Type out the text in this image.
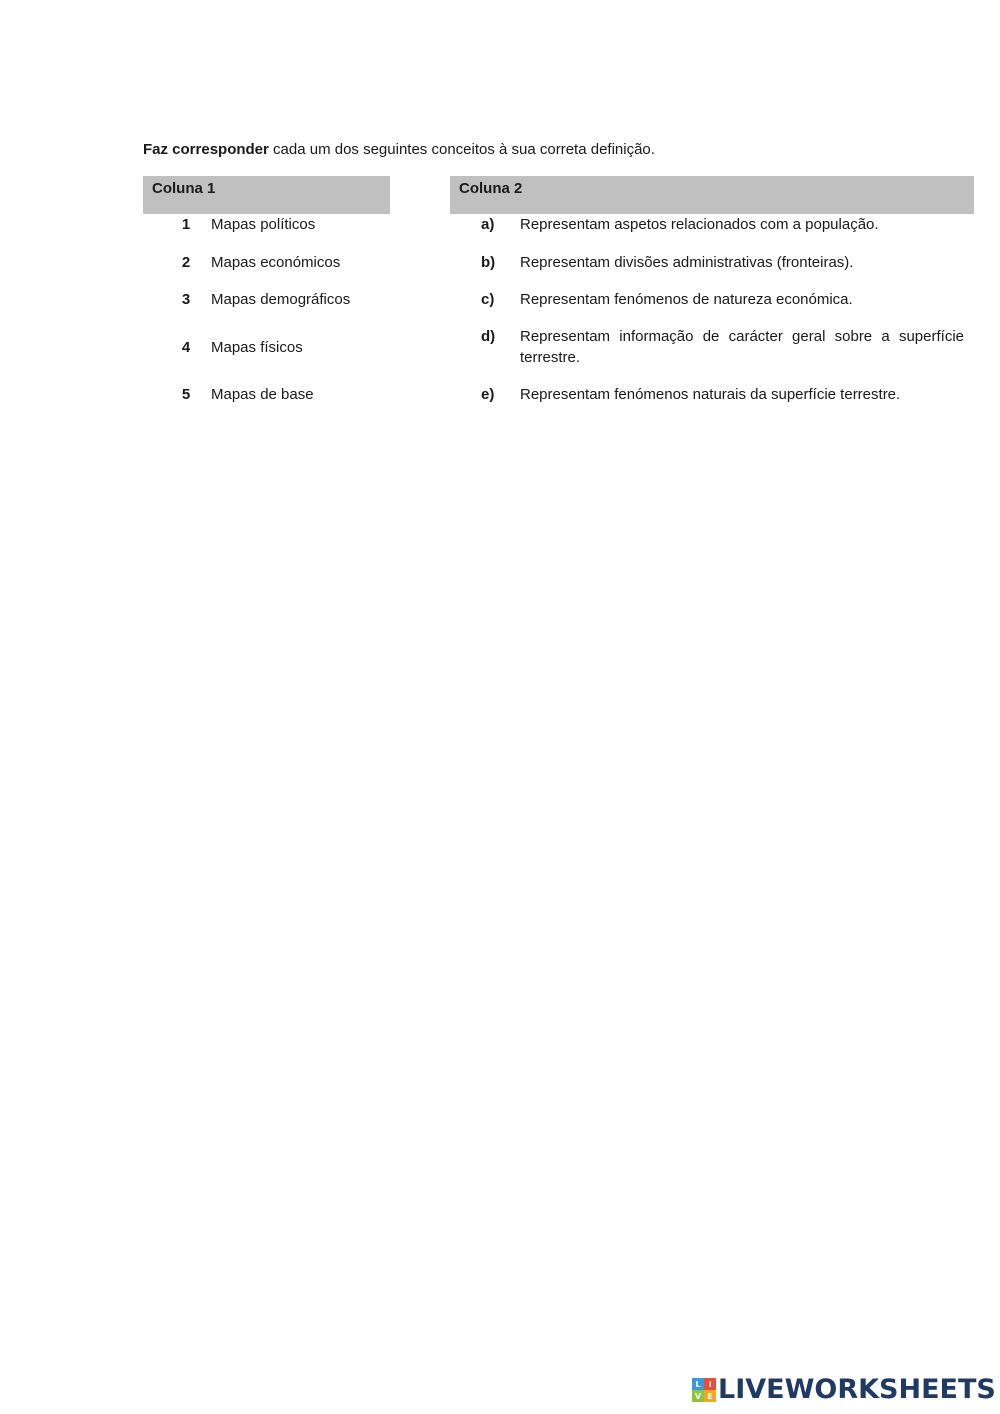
Faz corresponder cada um dos seguintes conceitos à sua correta definição.

Coluna 1	Coluna 2
1 Mapas políticos
2 Mapas económicos
3 Mapas demográficos
4 Mapas físicos
5 Mapas de base
a) Representam aspetos relacionados com a população.
b) Representam divisões administrativas (fronteiras).
c) Representam fenómenos de natureza económica.
d) Representam informação de carácter geral sobre a superfície terrestre.
e) Representam fenómenos naturais da superfície terrestre.
L I
V E LIVEWORKSHEETS
